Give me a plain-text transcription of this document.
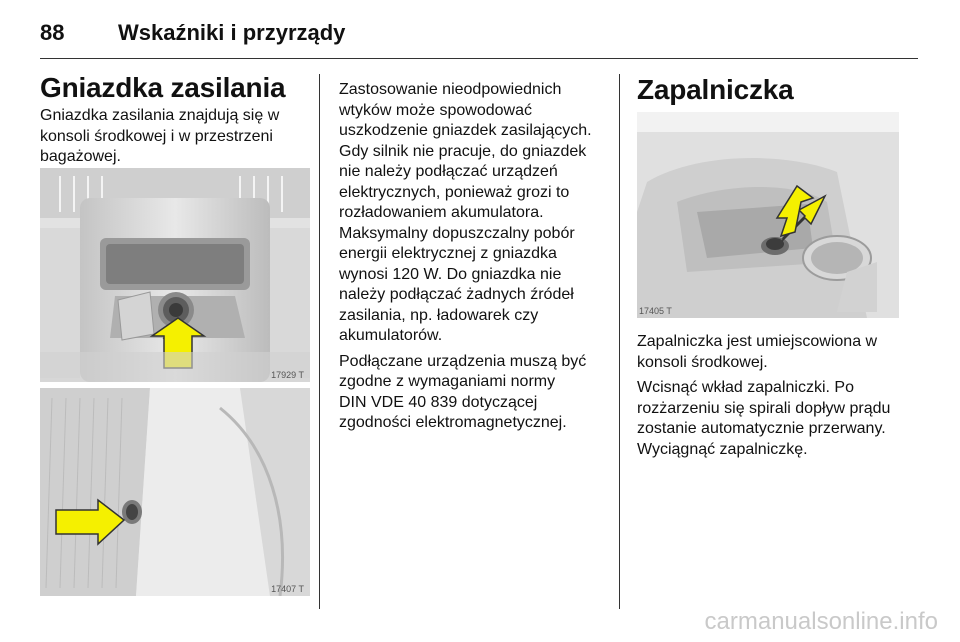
88 Wskaźniki i przyrządy
Gniazdka zasilania
Gniazdka zasilania znajdują się w
konsoli środkowej i w przestrzeni
bagażowej.
17929 T
17407 T

Zastosowanie nieodpowiednich
wtyków może spowodować
uszkodzenie gniazdek zasilających.
Gdy silnik nie pracuje, do gniazdek
nie należy podłączać urządzeń
elektrycznych, ponieważ grozi to
rozładowaniem akumulatora.
Maksymalny dopuszczalny pobór
energii elektrycznej z gniazdka
wynosi 120 W. Do gniazdka nie
należy podłączać żadnych źródeł
zasilania, np. ładowarek czy
akumulatorów.

Podłączane urządzenia muszą być
zgodne z wymaganiami normy
DIN VDE 40 839 dotyczącej
zgodności elektromagnetycznej.

Zapalniczka
17405 T

Zapalniczka jest umiejscowiona w
konsoli środkowej.

Wcisnąć wkład zapalniczki. Po
rozżarzeniu się spirali dopływ prądu
zostanie automatycznie przerwany.
Wyciągnąć zapalniczkę.

carmanualsonline.info
